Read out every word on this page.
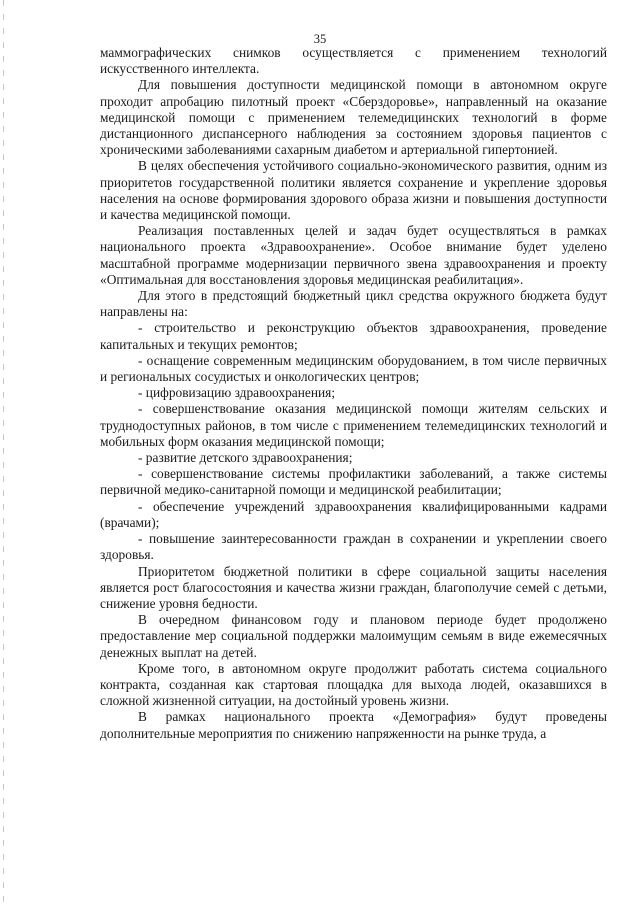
35

маммографических снимков осуществляется с применением технологий искусственного интеллекта.

Для повышения доступности медицинской помощи в автономном округе проходит апробацию пилотный проект «Сберздоровье», направленный на оказание медицинской помощи с применением телемедицинских технологий в форме дистанционного диспансерного наблюдения за состоянием здоровья пациентов с хроническими заболеваниями сахарным диабетом и артериальной гипертонией.

В целях обеспечения устойчивого социально-экономического развития, одним из приоритетов государственной политики является сохранение и укрепление здоровья населения на основе формирования здорового образа жизни и повышения доступности и качества медицинской помощи.

Реализация поставленных целей и задач будет осуществляться в рамках национального проекта «Здравоохранение». Особое внимание будет уделено масштабной программе модернизации первичного звена здравоохранения и проекту «Оптимальная для восстановления здоровья медицинская реабилитация».

Для этого в предстоящий бюджетный цикл средства окружного бюджета будут направлены на:

- строительство и реконструкцию объектов здравоохранения, проведение капитальных и текущих ремонтов;

- оснащение современным медицинским оборудованием, в том числе первичных и региональных сосудистых и онкологических центров;

- цифровизацию здравоохранения;

- совершенствование оказания медицинской помощи жителям сельских и труднодоступных районов, в том числе с применением телемедицинских технологий и мобильных форм оказания медицинской помощи;

- развитие детского здравоохранения;

- совершенствование системы профилактики заболеваний, а также системы первичной медико-санитарной помощи и медицинской реабилитации;

- обеспечение учреждений здравоохранения квалифицированными кадрами (врачами);

- повышение заинтересованности граждан в сохранении и укреплении своего здоровья.

Приоритетом бюджетной политики в сфере социальной защиты населения является рост благосостояния и качества жизни граждан, благополучие семей с детьми, снижение уровня бедности.

В очередном финансовом году и плановом периоде будет продолжено предоставление мер социальной поддержки малоимущим семьям в виде ежемесячных денежных выплат на детей.

Кроме того, в автономном округе продолжит работать система социального контракта, созданная как стартовая площадка для выхода людей, оказавшихся в сложной жизненной ситуации, на достойный уровень жизни.

В рамках национального проекта «Демография» будут проведены дополнительные мероприятия по снижению напряженности на рынке труда, а
